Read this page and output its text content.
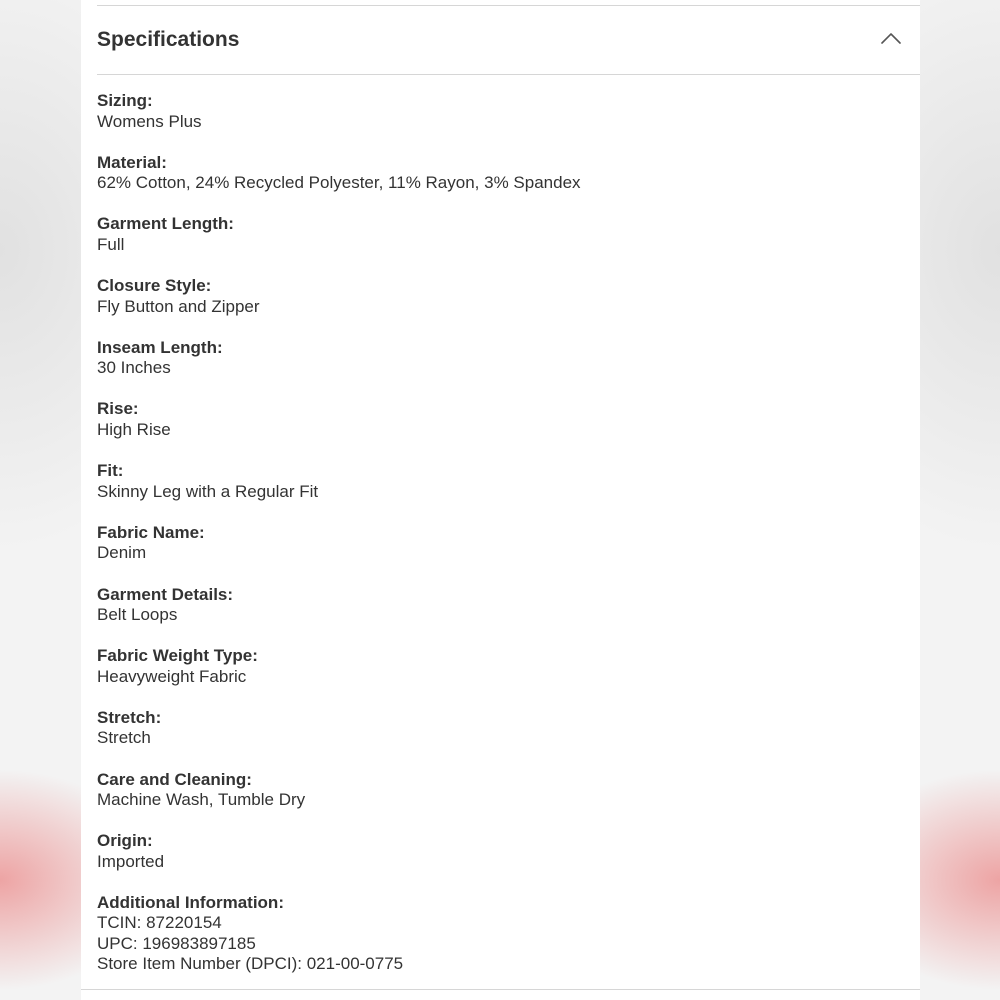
Specifications
Sizing:
Womens Plus
Material:
62% Cotton, 24% Recycled Polyester, 11% Rayon, 3% Spandex
Garment Length:
Full
Closure Style:
Fly Button and Zipper
Inseam Length:
30 Inches
Rise:
High Rise
Fit:
Skinny Leg with a Regular Fit
Fabric Name:
Denim
Garment Details:
Belt Loops
Fabric Weight Type:
Heavyweight Fabric
Stretch:
Stretch
Care and Cleaning:
Machine Wash, Tumble Dry
Origin:
Imported
Additional Information:
TCIN: 87220154
UPC: 196983897185
Store Item Number (DPCI): 021-00-0775
